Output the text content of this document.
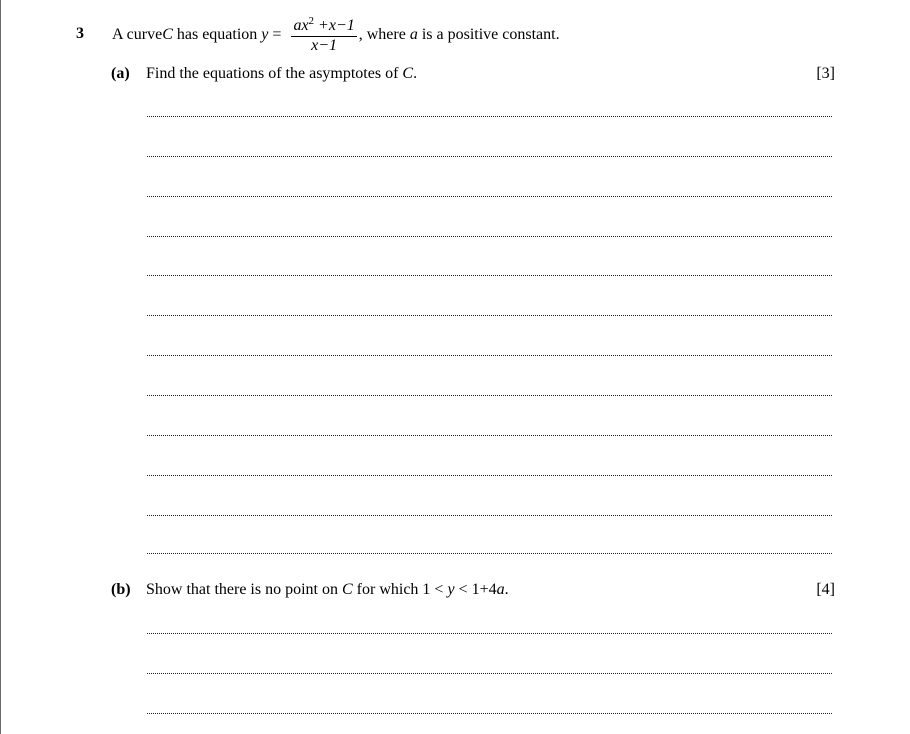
3 A curve C has equation $y = \frac{ax^2 +x-1}{x-1}$ , where a is a positive constant.
(a) Find the equations of the asymptotes of C.	[3]
(b) Show that there is no point on C for which 1 < y < 1+4a.	[4]
